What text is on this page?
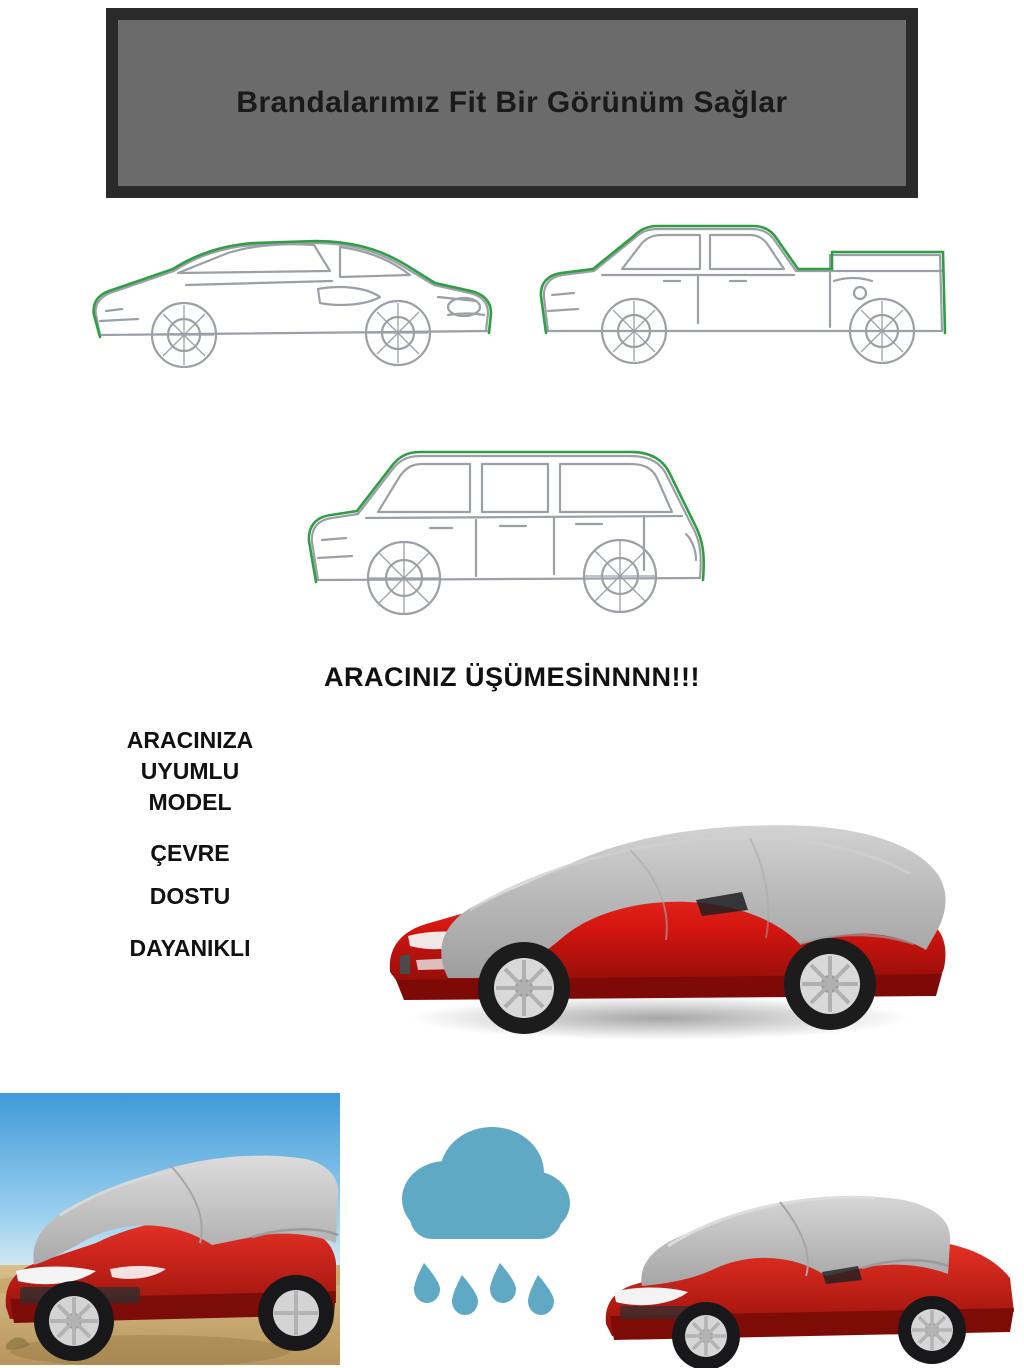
Brandalarımız Fit Bir Görünüm Sağlar
ARACINIZ ÜŞÜMESİNNNN!!!
ARACINIZA
UYUMLU
MODEL
ÇEVRE
DOSTU
DAYANIKLI
